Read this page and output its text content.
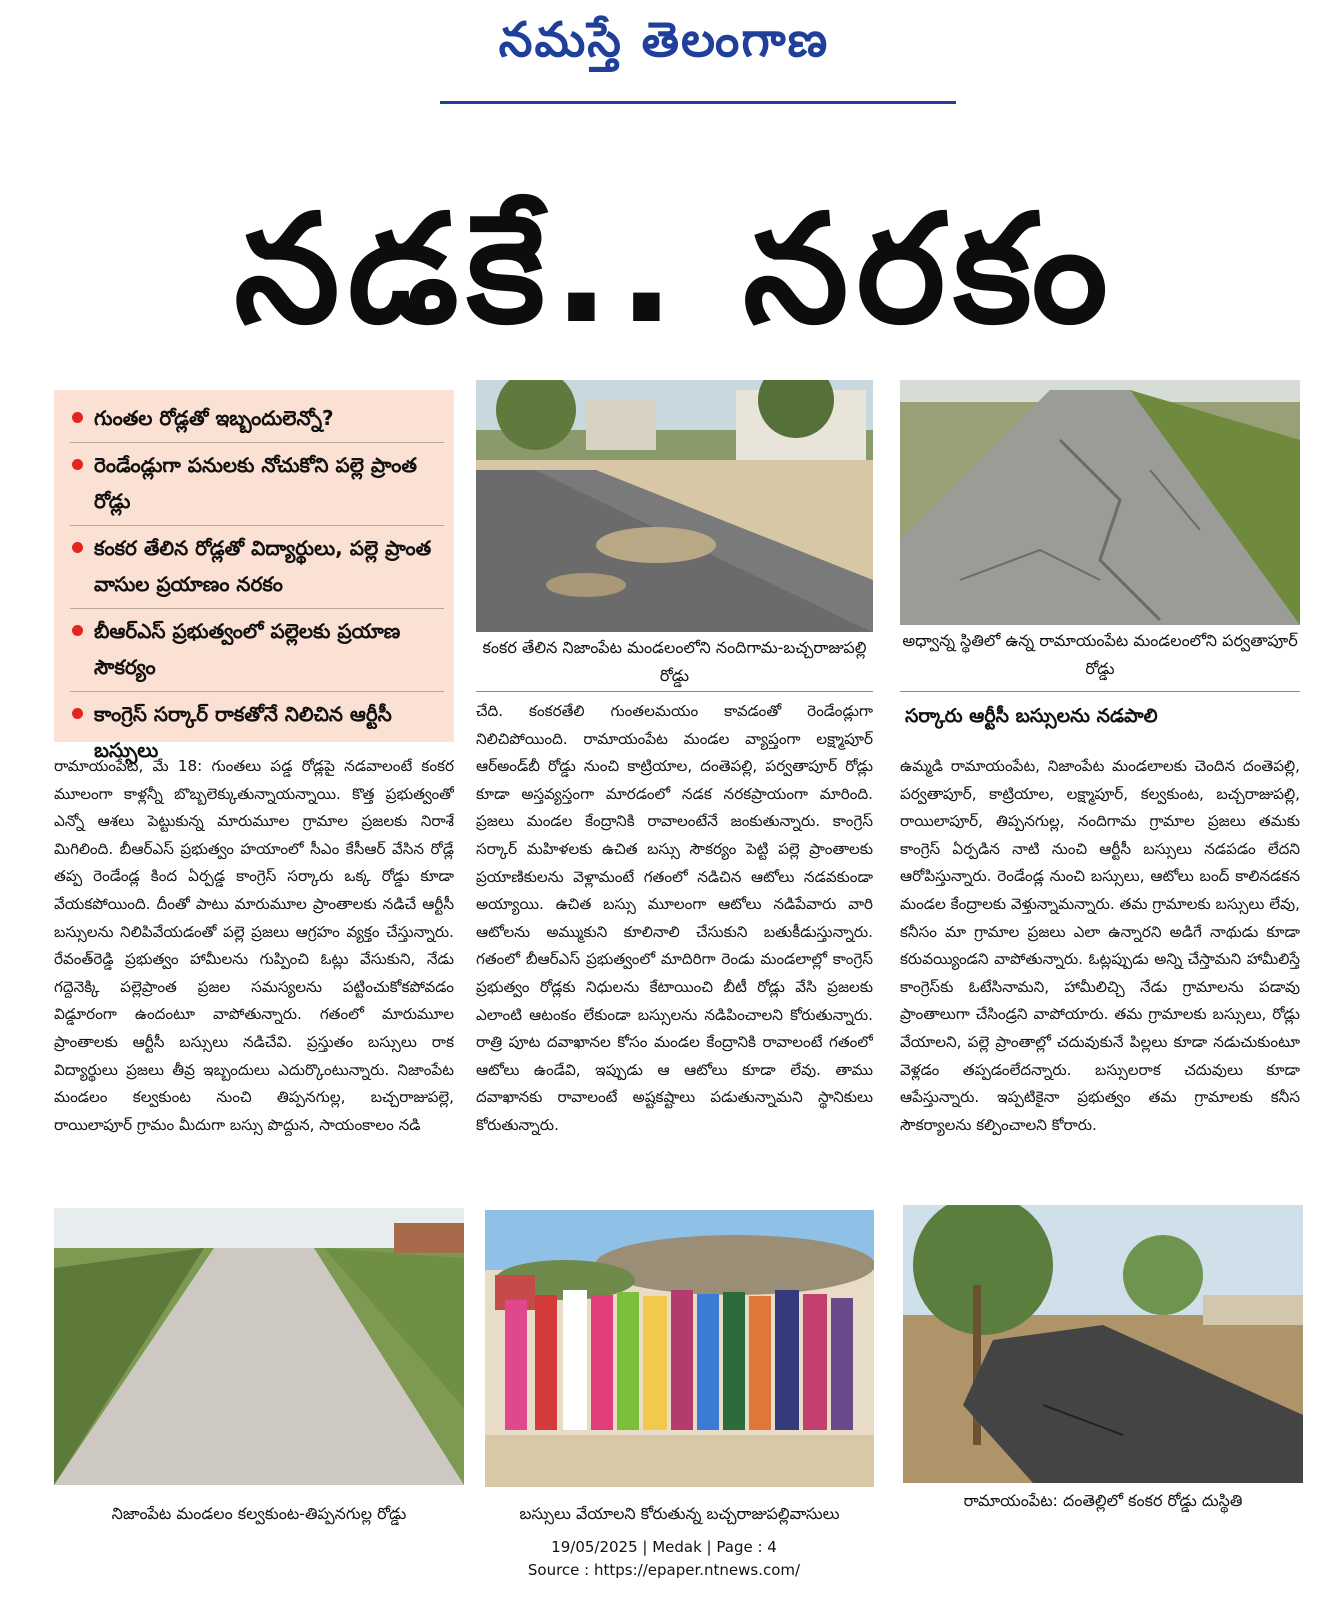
నమస్తే తెలంగాణ
నడకే.. నరకం
గుంతల రోడ్లతో ఇబ్బందులెన్నో?
రెండేండ్లుగా పనులకు నోచుకోని పల్లె ప్రాంత రోడ్లు
కంకర తేలిన రోడ్లతో విద్యార్థులు, పల్లె ప్రాంత వాసుల ప్రయాణం నరకం
బీఆర్ఎస్ ప్రభుత్వంలో పల్లెలకు ప్రయాణ సౌకర్యం
కాంగ్రెస్ సర్కార్ రాకతోనే నిలిచిన ఆర్టీసీ బస్సులు
కంకర తేలిన నిజాంపేట మండలంలోని నందిగామ-బచ్చరాజుపల్లి రోడ్డు
అధ్వాన్న స్థితిలో ఉన్న రామాయంపేట మండలంలోని పర్వతాపూర్ రోడ్డు
సర్కారు ఆర్టీసీ బస్సులను నడపాలి
రామాయంపేట, మే 18: గుంతలు పడ్డ రోడ్లపై నడవాలంటే కంకర మూలంగా కాళ్లన్నీ బొబ్బలెక్కుతున్నాయన్నాయి. కొత్త ప్రభుత్వంతో ఎన్నో ఆశలు పెట్టుకున్న మారుమూల గ్రామాల ప్రజలకు నిరాశే మిగిలింది. బీఆర్ఎస్ ప్రభుత్వం హయాంలో సీఎం కేసీఆర్ వేసిన రోడ్లే తప్ప రెండేండ్ల కింద ఏర్పడ్డ కాంగ్రెస్ సర్కారు ఒక్క రోడ్డు కూడా వేయకపోయింది. దీంతో పాటు మారుమూల ప్రాంతాలకు నడిచే ఆర్టీసీ బస్సులను నిలిపివేయడంతో పల్లె ప్రజలు ఆగ్రహం వ్యక్తం చేస్తున్నారు. రేవంత్‌రెడ్డి ప్రభుత్వం హామీలను గుప్పించి ఓట్లు వేసుకుని, నేడు గద్దెనెక్కి పల్లెప్రాంత ప్రజల సమస్యలను పట్టించుకోకపోవడం విడ్డూరంగా ఉందంటూ వాపోతున్నారు. గతంలో మారుమూల ప్రాంతాలకు ఆర్టీసీ బస్సులు నడిచేవి. ప్రస్తుతం బస్సులు రాక విద్యార్థులు ప్రజలు తీవ్ర ఇబ్బందులు ఎదుర్కొంటున్నారు. నిజాంపేట మండలం కల్వకుంట నుంచి తిప్పనగుల్ల, బచ్చరాజుపల్లె, రాయిలాపూర్ గ్రామం మీదుగా బస్సు పొద్దున, సాయంకాలం నడి
చేది. కంకరతేలి గుంతలమయం కావడంతో రెండేండ్లుగా నిలిచిపోయింది. రామాయంపేట మండల వ్యాప్తంగా లక్ష్మాపూర్ ఆర్‌అండ్‌బీ రోడ్డు నుంచి కాట్రియాల, దంతెపల్లి, పర్వతాపూర్ రోడ్లు కూడా అస్తవ్యస్తంగా మారడంలో నడక నరకప్రాయంగా మారింది. ప్రజలు మండల కేంద్రానికి రావాలంటేనే జంకుతున్నారు. కాంగ్రెస్ సర్కార్ మహిళలకు ఉచిత బస్సు సౌకర్యం పెట్టి పల్లె ప్రాంతాలకు ప్రయాణికులను వెళ్లామంటే గతంలో నడిచిన ఆటోలు నడవకుండా అయ్యాయి. ఉచిత బస్సు మూలంగా ఆటోలు నడిపేవారు వారి ఆటోలను అమ్ముకుని కూలినాలి చేసుకుని బతుకీడుస్తున్నారు. గతంలో బీఆర్ఎస్ ప్రభుత్వంలో మాదిరిగా రెండు మండలాల్లో కాంగ్రెస్ ప్రభుత్వం రోడ్లకు నిధులను కేటాయించి బీటీ రోడ్లు వేసి ప్రజలకు ఎలాంటి ఆటంకం లేకుండా బస్సులను నడిపించాలని కోరుతున్నారు. రాత్రి పూట దవాఖానల కోసం మండల కేంద్రానికి రావాలంటే గతంలో ఆటోలు ఉండేవి, ఇప్పుడు ఆ ఆటోలు కూడా లేవు. తాము దవాఖానకు రావాలంటే అష్టకష్టాలు పడుతున్నామని స్థానికులు కోరుతున్నారు.
ఉమ్మడి రామాయంపేట, నిజాంపేట మండలాలకు చెందిన దంతెపల్లి, పర్వతాపూర్, కాట్రియాల, లక్ష్మాపూర్, కల్వకుంట, బచ్చరాజుపల్లి, రాయిలాపూర్, తిప్పనగుల్ల, నందిగామ గ్రామాల ప్రజలు తమకు కాంగ్రెస్ ఏర్పడిన నాటి నుంచి ఆర్టీసీ బస్సులు నడపడం లేదని ఆరోపిస్తున్నారు. రెండేండ్ల నుంచి బస్సులు, ఆటోలు బంద్ కాలినడకన మండల కేంద్రాలకు వెళ్తున్నామన్నారు. తమ గ్రామాలకు బస్సులు లేవు, కనీసం మా గ్రామాల ప్రజలు ఎలా ఉన్నారని అడిగే నాథుడు కూడా కరువయ్యిండని వాపోతున్నారు. ఓట్లప్పుడు అన్ని చేస్తామని హామీలిస్తే కాంగ్రెస్‌కు ఓటేసినామని, హామీలిచ్చి నేడు గ్రామాలను పడావు ప్రాంతాలుగా చేసిండ్రని వాపోయారు. తమ గ్రామాలకు బస్సులు, రోడ్లు వేయాలని, పల్లె ప్రాంతాల్లో చదువుకునే పిల్లలు కూడా నడుచుకుంటూ వెళ్లడం తప్పడంలేదన్నారు. బస్సులరాక చదువులు కూడా ఆపేస్తున్నారు. ఇప్పటికైనా ప్రభుత్వం తమ గ్రామాలకు కనీస సౌకర్యాలను కల్పించాలని కోరారు.
నిజాంపేట మండలం కల్వకుంట-తిప్పనగుల్ల రోడ్డు	బస్సులు వేయాలని కోరుతున్న బచ్చరాజుపల్లివాసులు
రామాయంపేట: దంతెల్లిలో కంకర రోడ్డు దుస్థితి
19/05/2025 | Medak | Page : 4
Source : https://epaper.ntnews.com/
